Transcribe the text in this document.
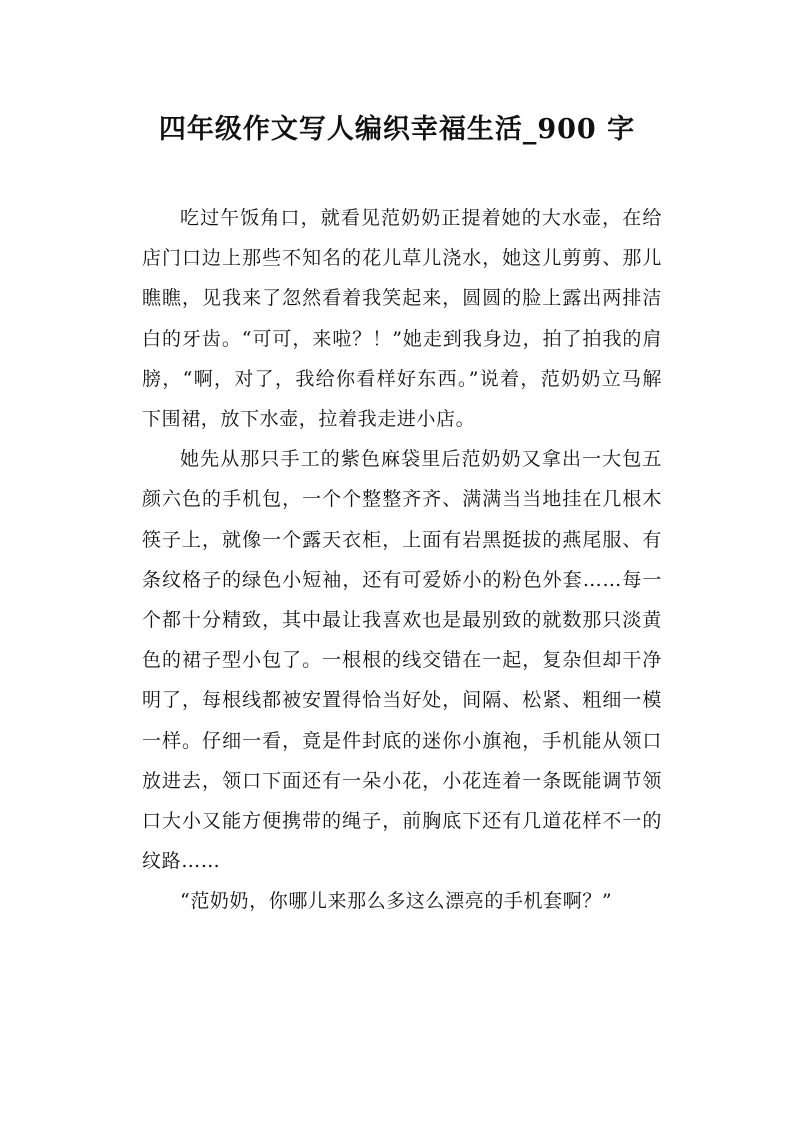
四年级作文写人编织幸福生活_900 字

吃过午饭角口，就看见范奶奶正提着她的大水壶，在给店门口边上那些不知名的花儿草儿浇水，她这儿剪剪、那儿瞧瞧，见我来了忽然看着我笑起来，圆圆的脸上露出两排洁白的牙齿。“可可，来啦？！”她走到我身边，拍了拍我的肩膀，“啊，对了，我给你看样好东西。”说着，范奶奶立马解下围裙，放下水壶，拉着我走进小店。

她先从那只手工的紫色麻袋里后范奶奶又拿出一大包五颜六色的手机包，一个个整整齐齐、满满当当地挂在几根木筷子上，就像一个露天衣柜，上面有岩黑挺拔的燕尾服、有条纹格子的绿色小短袖，还有可爱娇小的粉色外套……每一个都十分精致，其中最让我喜欢也是最别致的就数那只淡黄色的裙子型小包了。一根根的线交错在一起，复杂但却干净明了，每根线都被安置得恰当好处，间隔、松紧、粗细一模一样。仔细一看，竟是件封底的迷你小旗袍，手机能从领口放进去，领口下面还有一朵小花，小花连着一条既能调节领口大小又能方便携带的绳子，前胸底下还有几道花样不一的纹路……

“范奶奶，你哪儿来那么多这么漂亮的手机套啊？”
